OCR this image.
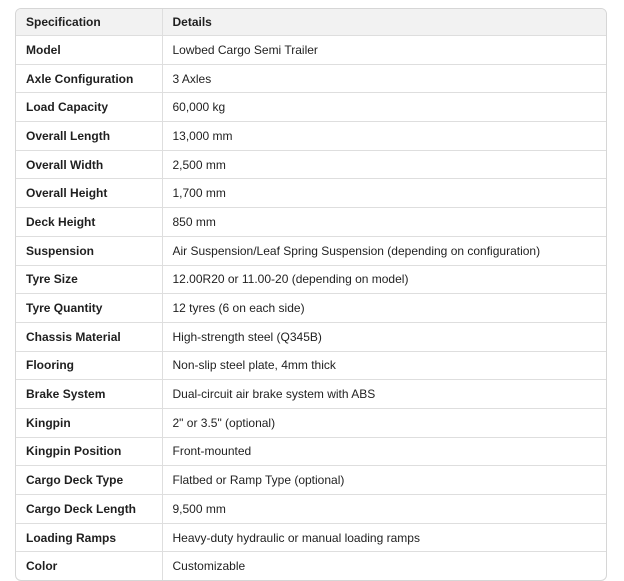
Specification	Details
Model	Lowbed Cargo Semi Trailer
Axle Configuration	3 Axles
Load Capacity	60,000 kg
Overall Length	13,000 mm
Overall Width	2,500 mm
Overall Height	1,700 mm
Deck Height	850 mm
Suspension	Air Suspension/Leaf Spring Suspension (depending on configuration)
Tyre Size	12.00R20 or 11.00-20 (depending on model)
Tyre Quantity	12 tyres (6 on each side)
Chassis Material	High-strength steel (Q345B)
Flooring	Non-slip steel plate, 4mm thick
Brake System	Dual-circuit air brake system with ABS
Kingpin	2" or 3.5" (optional)
Kingpin Position	Front-mounted
Cargo Deck Type	Flatbed or Ramp Type (optional)
Cargo Deck Length	9,500 mm
Loading Ramps	Heavy-duty hydraulic or manual loading ramps
Color	Customizable
